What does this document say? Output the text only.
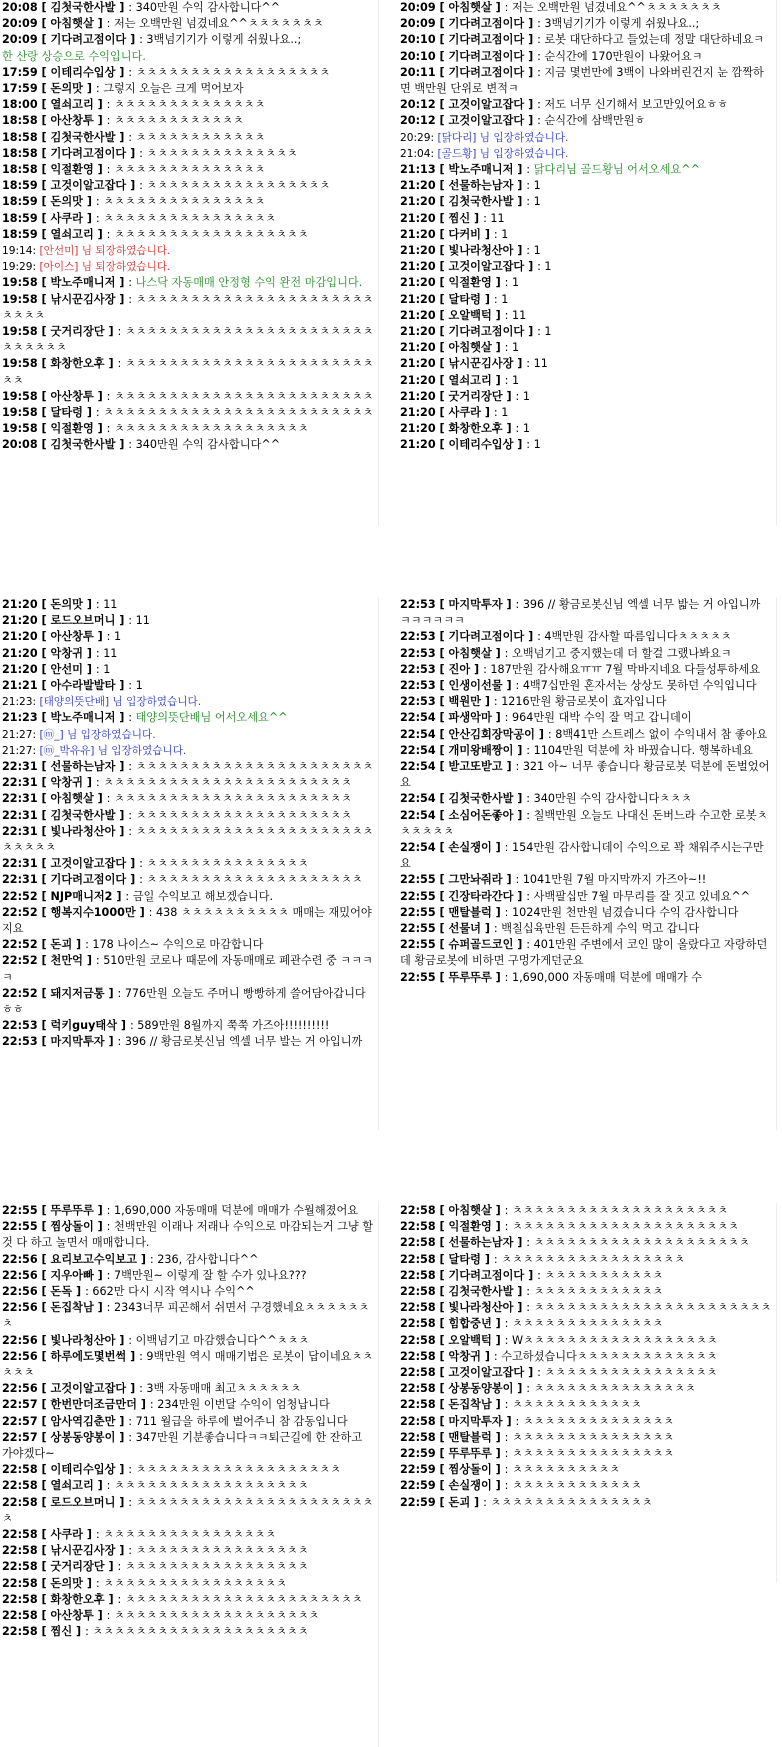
20:08 [ 김첫국한사발 ] : 340만원 수익 감사합니다^^
20:09 [ 아침햇살 ] : 저는 오백만원 넘겼네요^^ㅊㅊㅊㅊㅊㅊㅊ
20:09 [ 기다려고점이다 ] : 3백넘기기가 이렇게 쉬웠나요..;
한 산랑 상승으로 수익입니다.
17:59 [ 이테리수입상 ] : ㅊㅊㅊㅊㅊㅊㅊㅊㅊㅊㅊㅊㅊㅊㅊㅊㅊㅊ
17:59 [ 돈의맛 ] : 그렇지 오늘은 크게 먹어보자
18:00 [ 열쇠고리 ] : ㅊㅊㅊㅊㅊㅊㅊㅊㅊㅊㅊㅊㅊㅊ
18:58 [ 아산창투 ] : ㅊㅊㅊㅊㅊㅊㅊㅊㅊㅊㅊㅊ
18:58 [ 김첫국한사발 ] : ㅊㅊㅊㅊㅊㅊㅊㅊㅊㅊㅊㅊ
18:58 [ 기다려고점이다 ] : ㅊㅊㅊㅊㅊㅊㅊㅊㅊㅊㅊㅊㅊㅊ
18:58 [ 익절환영 ] : ㅊㅊㅊㅊㅊㅊㅊㅊㅊㅊㅊㅊㅊㅊ
18:59 [ 고것이알고잡다 ] : ㅊㅊㅊㅊㅊㅊㅊㅊㅊㅊㅊㅊㅊㅊㅊㅊㅊ
18:59 [ 돈의맛 ] : ㅊㅊㅊㅊㅊㅊㅊㅊㅊㅊㅊㅊㅊㅊㅊ
18:59 [ 사쿠라 ] : ㅊㅊㅊㅊㅊㅊㅊㅊㅊㅊㅊㅊㅊㅊㅊㅊ
18:59 [ 열쇠고리 ] : ㅊㅊㅊㅊㅊㅊㅊㅊㅊㅊㅊㅊㅊㅊㅊㅊㅊㅊ
19:14: [안선미] 님 퇴장하였습니다.
19:29: [아이스] 님 퇴장하였습니다.
19:58 [ 박노주매니저 ] : 나스닥 자동매매 안정형 수익 완전 마감입니다.
19:58 [ 낚시꾼김사장 ] : ㅊㅊㅊㅊㅊㅊㅊㅊㅊㅊㅊㅊㅊㅊㅊㅊㅊㅊㅊㅊㅊㅊㅊㅊㅊㅊ
19:58 [ 굿거리장단 ] : ㅊㅊㅊㅊㅊㅊㅊㅊㅊㅊㅊㅊㅊㅊㅊㅊㅊㅊㅊㅊㅊㅊㅊㅊㅊㅊㅊㅊㅊ
19:58 [ 화창한오후 ] : ㅊㅊㅊㅊㅊㅊㅊㅊㅊㅊㅊㅊㅊㅊㅊㅊㅊㅊㅊㅊㅊㅊㅊㅊㅊ
19:58 [ 아산창투 ] : ㅊㅊㅊㅊㅊㅊㅊㅊㅊㅊㅊㅊㅊㅊㅊㅊㅊㅊㅊㅊㅊㅊㅊㅊ
19:58 [ 달타령 ] : ㅊㅊㅊㅊㅊㅊㅊㅊㅊㅊㅊㅊㅊㅊㅊㅊㅊㅊㅊㅊㅊㅊㅊㅊㅊ
19:58 [ 익절환영 ] : ㅊㅊㅊㅊㅊㅊㅊㅊㅊㅊㅊㅊㅊㅊㅊㅊㅊㅊ
20:08 [ 김첫국한사발 ] : 340만원 수익 감사합니다^^
20:09 [ 아침햇살 ] : 저는 오백만원 넘겼네요^^ㅊㅊㅊㅊㅊㅊㅊ
20:09 [ 기다려고점이다 ] : 3백넘기기가 이렇게 쉬웠나요..;
20:10 [ 기다려고점이다 ] : 로봇 대단하다고 들었는데 정말 대단하네요ㅋ
20:10 [ 기다려고점이다 ] : 순식간에 170만원이 나왔어요ㅋ
20:11 [ 기다려고점이다 ] : 지금 몇번만에 3백이 나와버린건지 눈 깜짝하면 백만원 단위로 변적ㅋ
20:12 [ 고것이알고잡다 ] : 저도 너무 신기해서 보고만있어요ㅎㅎ
20:12 [ 고것이알고잡다 ] : 순식간에 삼백만원ㅎ
20:29: [닭다리] 님 입장하였습니다.
21:04: [골드황] 님 입장하였습니다.
21:13 [ 박노주매니저 ] : 닭다리님 골드황님 어서오세요^^
21:20 [ 선물하는남자 ] : 1
21:20 [ 김첫국한사발 ] : 1
21:20 [ 찜신 ] : 11
21:20 [ 다커비 ] : 1
21:20 [ 빛나라청산아 ] : 1
21:20 [ 고것이알고잡다 ] : 1
21:20 [ 익절환영 ] : 1
21:20 [ 달타령 ] : 1
21:20 [ 오알백턱 ] : 11
21:20 [ 기다려고점이다 ] : 1
21:20 [ 아침햇살 ] : 1
21:20 [ 낚시꾼김사장 ] : 11
21:20 [ 열쇠고리 ] : 1
21:20 [ 굿거리장단 ] : 1
21:20 [ 사쿠라 ] : 1
21:20 [ 화창한오후 ] : 1
21:20 [ 이테리수입상 ] : 1
21:20 [ 돈의맛 ] : 11
21:20 [ 로드오브머니 ] : 11
21:20 [ 아산창투 ] : 1
21:20 [ 악창귀 ] : 11
21:20 [ 안선미 ] : 1
21:21 [ 아수라발발타 ] : 1
21:23: [태양의뜻단배] 님 입장하였습니다.
21:23 [ 박노주매니저 ] : 태양의뜻단배님 어서오세요^^
21:27: [ⓜ_] 님 입장하였습니다.
21:27: [ⓜ_박유유] 님 입장하였습니다.
22:31 [ 선물하는남자 ] : ㅊㅊㅊㅊㅊㅊㅊㅊㅊㅊㅊㅊㅊㅊㅊㅊㅊㅊㅊㅊㅊㅊ
22:31 [ 악창귀 ] : ㅊㅊㅊㅊㅊㅊㅊㅊㅊㅊㅊㅊㅊㅊㅊㅊㅊㅊㅊㅊㅊㅊㅊ
22:31 [ 아침햇살 ] : ㅊㅊㅊㅊㅊㅊㅊㅊㅊㅊㅊㅊㅊㅊㅊㅊㅊㅊㅊㅊㅊㅊ
22:31 [ 김첫국한사발 ] : ㅊㅊㅊㅊㅊㅊㅊㅊㅊㅊㅊㅊㅊㅊㅊㅊㅊㅊㅊㅊ
22:31 [ 빛나라청산아 ] : ㅊㅊㅊㅊㅊㅊㅊㅊㅊㅊㅊㅊㅊㅊㅊㅊㅊㅊㅊㅊㅊㅊㅊㅊㅊㅊㅊ
22:31 [ 고것이알고잡다 ] : ㅊㅊㅊㅊㅊㅊㅊㅊㅊㅊㅊㅊㅊㅊㅊ
22:31 [ 기다려고점이다 ] : ㅊㅊㅊㅊㅊㅊㅊㅊㅊㅊㅊㅊㅊㅊㅊㅊㅊㅊㅊㅊ
22:52 [ NJP매니저2 ] : 금일 수익보고 해보겠습니다.
22:52 [ 행복지수1000만 ] : 438 ㅊㅊㅊㅊㅊㅊㅊㅊㅊㅊ 매매는 재밌어야지요
22:52 [ 돈괴 ] : 178 나이스~ 수익으로 마감합니다
22:52 [ 천만억 ] : 510만원 코로나 때문에 자동매매로 폐관수련 중 ㅋㅋㅋㅋ
22:52 [ 돼지저금통 ] : 776만원 오늘도 주머니 빵빵하게 쓸어담아갑니다ㅎㅎ
22:53 [ 럭키guy태삭 ] : 589만원 8월까지 쭉쭉 가즈아!!!!!!!!!!
22:53 [ 마지막투자 ] : 396 // 황금로봇신님 엑셀 너무 발는 거 아입니까
22:53 [ 마지막투자 ] : 396 // 황금로봇신님 엑셀 너무 밟는 거 아입니까 ㅋㅋㅋㅋㅋㅋ
22:53 [ 기다려고점이다 ] : 4백만원 감사할 따름입니다ㅊㅊㅊㅊㅊ
22:53 [ 아침햇살 ] : 오백넘기고 중지했는데 더 할걸 그랬나봐요ㅋ
22:53 [ 진아 ] : 187만원 감사해요ㅠㅠ 7월 막바지네요 다들성투하세요
22:53 [ 인생이선물 ] : 4백7십만원 혼자서는 상상도 못하던 수익입니다
22:53 [ 백원만 ] : 1216만원 황금로봇이 효자입니다
22:54 [ 파생악마 ] : 964만원 대박 수익 잘 먹고 갑니데이
22:54 [ 안산김회장막공이 ] : 8백41만 스트레스 없이 수익내서 참 좋아요
22:54 [ 개미왕배짱이 ] : 1104만원 덕분에 차 바꿨습니다. 행복하네요
22:54 [ 받고또받고 ] : 321 아~ 너무 좋습니다 황금로봇 덕분에 돈벌었어요
22:54 [ 김첫국한사발 ] : 340만원 수익 감사합니다ㅊㅊㅊ
22:54 [ 소심어돈좋아 ] : 칠백만원 오늘도 나대신 돈버느라 수고한 로봇ㅊㅊㅊㅊㅊㅊ
22:54 [ 손실쟁이 ] : 154만원 감사합니데이 수익으로 꽉 채워주시는구만요
22:55 [ 그만놔줘라 ] : 1041만원 7월 마지막까지 가즈아~!!
22:55 [ 긴장타라간다 ] : 사백팔십만 7월 마무리를 잘 짓고 있네요^^
22:55 [ 맨탈블럭 ] : 1024만원 천만원 넘겼습니다 수익 감사합니다
22:55 [ 선물녀 ] : 백칠십육만원 든든하게 수익 먹고 갑니다
22:55 [ 슈퍼골드코인 ] : 401만원 주변에서 코인 많이 올랐다고 자랑하던데 황금로봇에 비하면 구멍가게던군요
22:55 [ 뚜루뚜루 ] : 1,690,000 자동매매 덕분에 매매가 수
22:55 [ 뚜루뚜루 ] : 1,690,000 자동매매 덕분에 매매가 수월해졌어요
22:55 [ 찜상돌이 ] : 천백만원 이래나 저래나 수익으로 마감되는거 그냥 할것 다 하고 놀면서 매매합니다.
22:56 [ 요리보고수익보고 ] : 236, 감사합니다^^
22:56 [ 지우아빠 ] : 7백만원~ 이렇게 잘 할 수가 있나요???
22:56 [ 돈독 ] : 662만 다시 시작 역시나 수익^^
22:56 [ 돈집착남 ] : 2343너무 피곤해서 쉬면서 구경했네요ㅊㅊㅊㅊㅊㅊㅊ
22:56 [ 빛나라청산아 ] : 이백넘기고 마감했습니다^^ㅊㅊㅊ
22:56 [ 하루에도몇번썩 ] : 9백만원 역시 매매기법은 로봇이 답이네요ㅊㅊㅊㅊㅊ
22:56 [ 고것이알고잡다 ] : 3백 자동매매 최고ㅊㅊㅊㅊㅊㅊ
22:57 [ 한번만더조금만더 ] : 234만원 이번달 수익이 엄청납니다
22:57 [ 암사역김춘만 ] : 711 월급을 하루에 벌어주니 참 감동입니다
22:57 [ 상봉동양봉이 ] : 347만원 기분좋습니다ㅋㅋ퇴근길에 한 잔하고 가야겠다~
22:58 [ 이테리수입상 ] : ㅊㅊㅊㅊㅊㅊㅊㅊㅊㅊㅊㅊㅊㅊㅊㅊㅊㅊㅊ
22:58 [ 열쇠고리 ] : ㅊㅊㅊㅊㅊㅊㅊㅊㅊㅊㅊㅊㅊㅊㅊㅊㅊㅊ
22:58 [ 로드오브머니 ] : ㅊㅊㅊㅊㅊㅊㅊㅊㅊㅊㅊㅊㅊㅊㅊㅊㅊㅊㅊㅊㅊㅊㅊ
22:58 [ 사쿠라 ] : ㅊㅊㅊㅊㅊㅊㅊㅊㅊㅊㅊㅊㅊㅊㅊㅊ
22:58 [ 낚시꾼김사장 ] : ㅊㅊㅊㅊㅊㅊㅊㅊㅊㅊㅊㅊㅊㅊㅊㅊ
22:58 [ 굿거리장단 ] : ㅊㅊㅊㅊㅊㅊㅊㅊㅊㅊㅊㅊㅊㅊㅊㅊㅊ
22:58 [ 돈의맛 ] : ㅊㅊㅊㅊㅊㅊㅊㅊㅊㅊㅊㅊㅊㅊㅊㅊㅊ
22:58 [ 화창한오후 ] : ㅊㅊㅊㅊㅊㅊㅊㅊㅊㅊㅊㅊㅊㅊㅊㅊㅊㅊㅊㅊㅊㅊ
22:58 [ 아산창투 ] : ㅊㅊㅊㅊㅊㅊㅊㅊㅊㅊㅊㅊㅊㅊㅊㅊㅊㅊㅊ
22:58 [ 찜신 ] : ㅊㅊㅊㅊㅊㅊㅊㅊㅊㅊㅊㅊㅊㅊㅊㅊㅊㅊㅊㅊ
22:58 [ 아침햇살 ] : ㅊㅊㅊㅊㅊㅊㅊㅊㅊㅊㅊㅊㅊㅊㅊㅊㅊㅊㅊㅊ
22:58 [ 익절환영 ] : ㅊㅊㅊㅊㅊㅊㅊㅊㅊㅊㅊㅊㅊㅊㅊㅊㅊㅊㅊㅊㅊ
22:58 [ 선물하는남자 ] : ㅊㅊㅊㅊㅊㅊㅊㅊㅊㅊㅊㅊㅊㅊㅊㅊㅊㅊㅊㅊ
22:58 [ 달타령 ] : ㅊㅊㅊㅊㅊㅊㅊㅊㅊㅊㅊㅊㅊㅊㅊㅊㅊ
22:58 [ 기다려고점이다 ] : ㅊㅊㅊㅊㅊㅊㅊㅊㅊㅊㅊ
22:58 [ 김첫국한사발 ] : ㅊㅊㅊㅊㅊㅊㅊㅊㅊㅊㅊㅊ
22:58 [ 빛나라청산아 ] : ㅊㅊㅊㅊㅊㅊㅊㅊㅊㅊㅊㅊㅊㅊㅊㅊㅊㅊㅊㅊㅊㅊ
22:58 [ 힘합중년 ] : ㅊㅊㅊㅊㅊㅊㅊㅊㅊㅊㅊㅊㅊㅊ
22:58 [ 오알백턱 ] : Wㅊㅊㅊㅊㅊㅊㅊㅊㅊㅊㅊㅊㅊㅊㅊㅊㅊㅊ
22:58 [ 악창귀 ] : 수고하셨습니다ㅊㅊㅊㅊㅊㅊㅊㅊㅊㅊㅊㅊㅊ
22:58 [ 고것이알고잡다 ] : ㅊㅊㅊㅊㅊㅊㅊㅊㅊㅊㅊㅊㅊㅊㅊㅊ
22:58 [ 상봉동양봉이 ] : ㅊㅊㅊㅊㅊㅊㅊㅊㅊㅊㅊㅊㅊㅊㅊ
22:58 [ 돈집착남 ] : ㅊㅊㅊㅊㅊㅊㅊㅊㅊㅊㅊㅊ
22:58 [ 마지막투자 ] : ㅊㅊㅊㅊㅊㅊㅊㅊㅊㅊㅊㅊㅊㅊ
22:58 [ 맨탈블럭 ] : ㅊㅊㅊㅊㅊㅊㅊㅊㅊㅊㅊㅊㅊㅊㅊ
22:59 [ 뚜루뚜루 ] : ㅊㅊㅊㅊㅊㅊㅊㅊㅊㅊㅊㅊㅊㅊㅊ
22:59 [ 찜상돌이 ] : ㅊㅊㅊㅊㅊㅊㅊㅊㅊㅊ
22:59 [ 손실쟁이 ] : ㅊㅊㅊㅊㅊㅊㅊㅊㅊㅊㅊㅊ
22:59 [ 돈괴 ] : ㅊㅊㅊㅊㅊㅊㅊㅊㅊㅊㅊㅊㅊㅊㅊ
